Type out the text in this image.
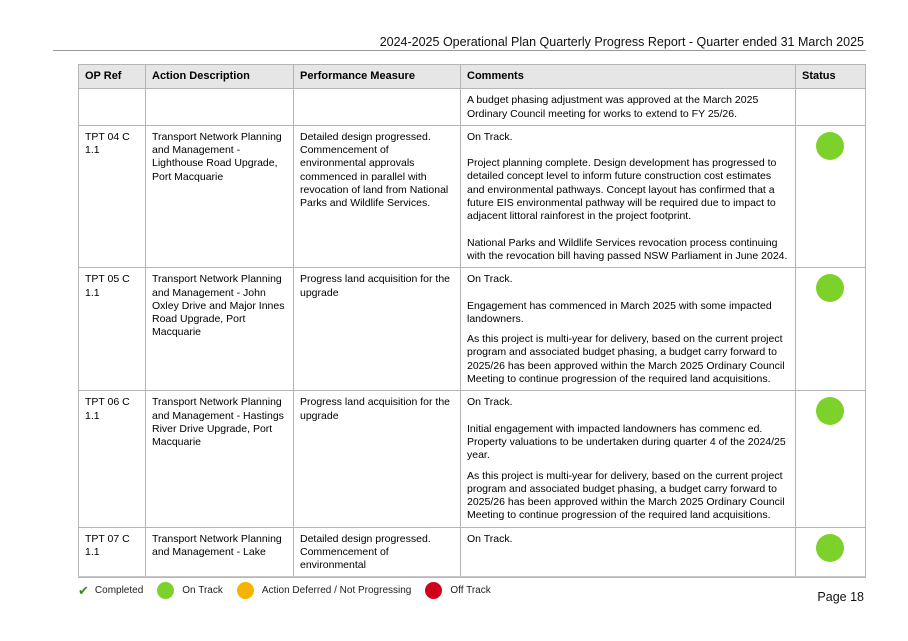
2024-2025 Operational Plan Quarterly Progress Report - Quarter ended 31 March 2025
OP Ref	Action Description	Performance Measure	Comments	Status

			A budget phasing adjustment was approved at the March 2025 Ordinary Council meeting for works to extend to FY 25/26.	

TPT 04 C 1.1	Transport Network Planning and Management - Lighthouse Road Upgrade, Port Macquarie	Detailed design progressed. Commencement of environmental approvals commenced in parallel with revocation of land from National Parks and Wildlife Services.	On Track.

Project planning complete. Design development has progressed to detailed concept level to inform future construction cost estimates and environmental pathways. Concept layout has confirmed that a future EIS environmental pathway will be required due to impact to adjacent littoral rainforest in the project footprint.

National Parks and Wildlife Services revocation process continuing with the revocation bill having passed NSW Parliament in June 2024.	

TPT 05 C 1.1	Transport Network Planning and Management - John Oxley Drive and Major Innes Road Upgrade, Port Macquarie	Progress land acquisition for the upgrade	On Track.

Engagement has commenced in March 2025 with some impacted landowners.

As this project is multi-year for delivery, based on the current project program and associated budget phasing, a budget carry forward to 2025/26 has been approved within the March 2025 Ordinary Council Meeting to continue progression of the required land acquisitions.	

TPT 06 C 1.1	Transport Network Planning and Management - Hastings River Drive Upgrade, Port Macquarie	Progress land acquisition for the upgrade	On Track.

Initial engagement with impacted landowners has commenc ed. Property valuations to be undertaken during quarter 4 of the 2024/25 year.

As this project is multi-year for delivery, based on the current project program and associated budget phasing, a budget carry forward to 2025/26 has been approved within the March 2025 Ordinary Council Meeting to continue progression of the required land acquisitions.	

TPT 07 C 1.1	Transport Network Planning and Management - Lake	Detailed design progressed. Commencement of environmental	On Track.	

✔ Completed	On Track	Action Deferred / Not Progressing	Off Track	Page 18
